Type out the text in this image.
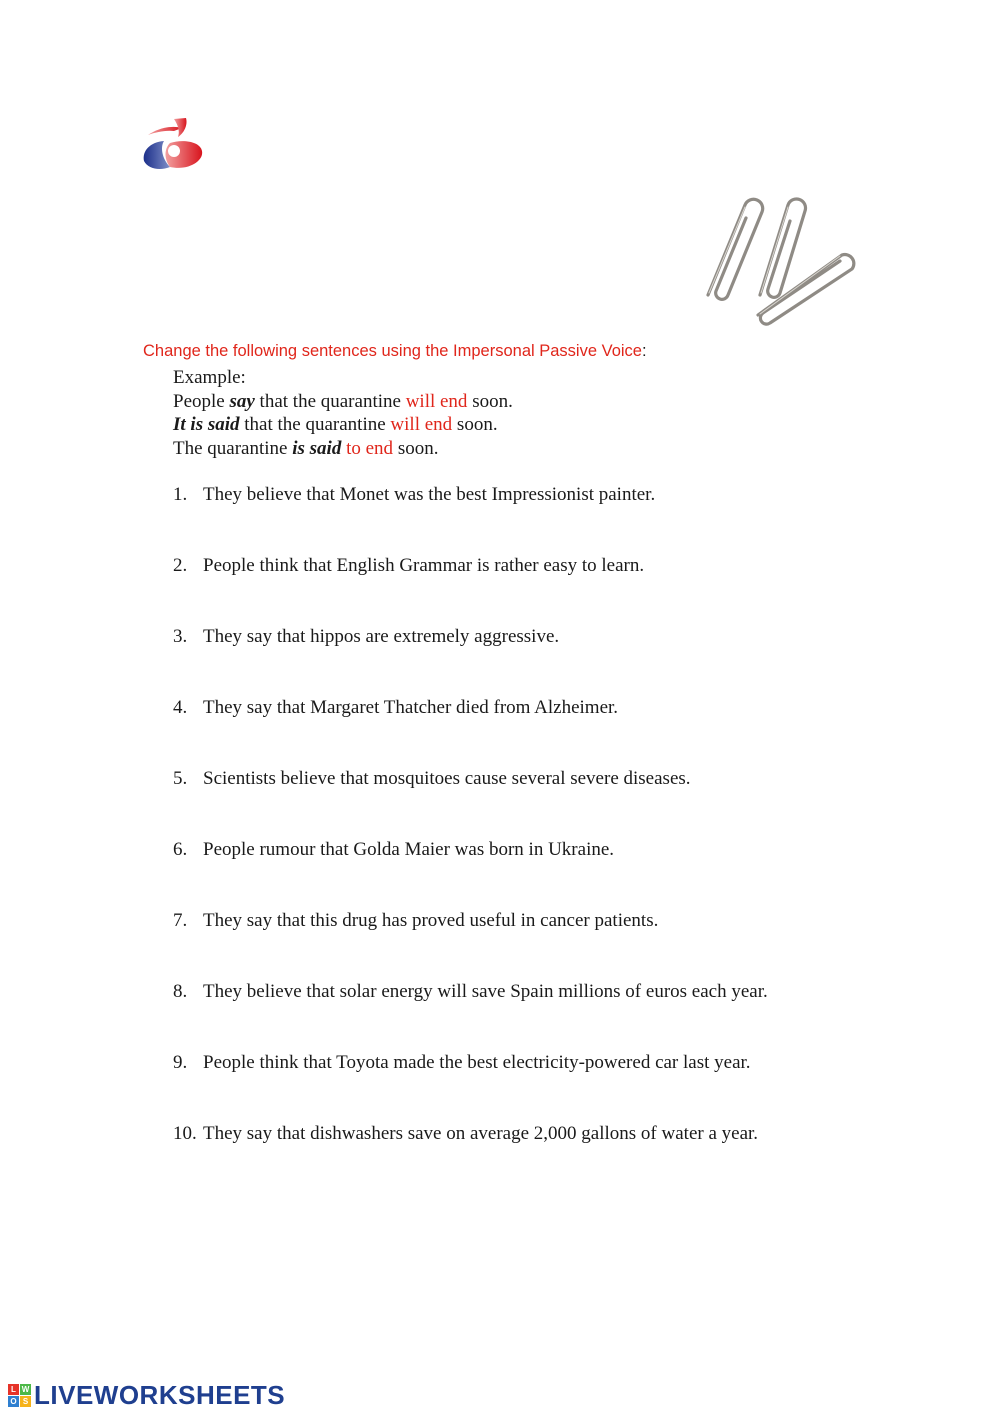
Change the following sentences using the Impersonal Passive Voice:
Example:
People say that the quarantine will end soon.
It is said that the quarantine will end soon.
The quarantine is said to end soon.
1. They believe that Monet was the best Impressionist painter.
2. People think that English Grammar is rather easy to learn.
3. They say that hippos are extremely aggressive.
4. They say that Margaret Thatcher died from Alzheimer.
5. Scientists believe that mosquitoes cause several severe diseases.
6. People rumour that Golda Maier was born in Ukraine.
7. They say that this drug has proved useful in cancer patients.
8. They believe that solar energy will save Spain millions of euros each year.
9. People think that Toyota made the best electricity-powered car last year.
10. They say that dishwashers save on average 2,000 gallons of water a year.
L W
O S LIVEWORKSHEETS
